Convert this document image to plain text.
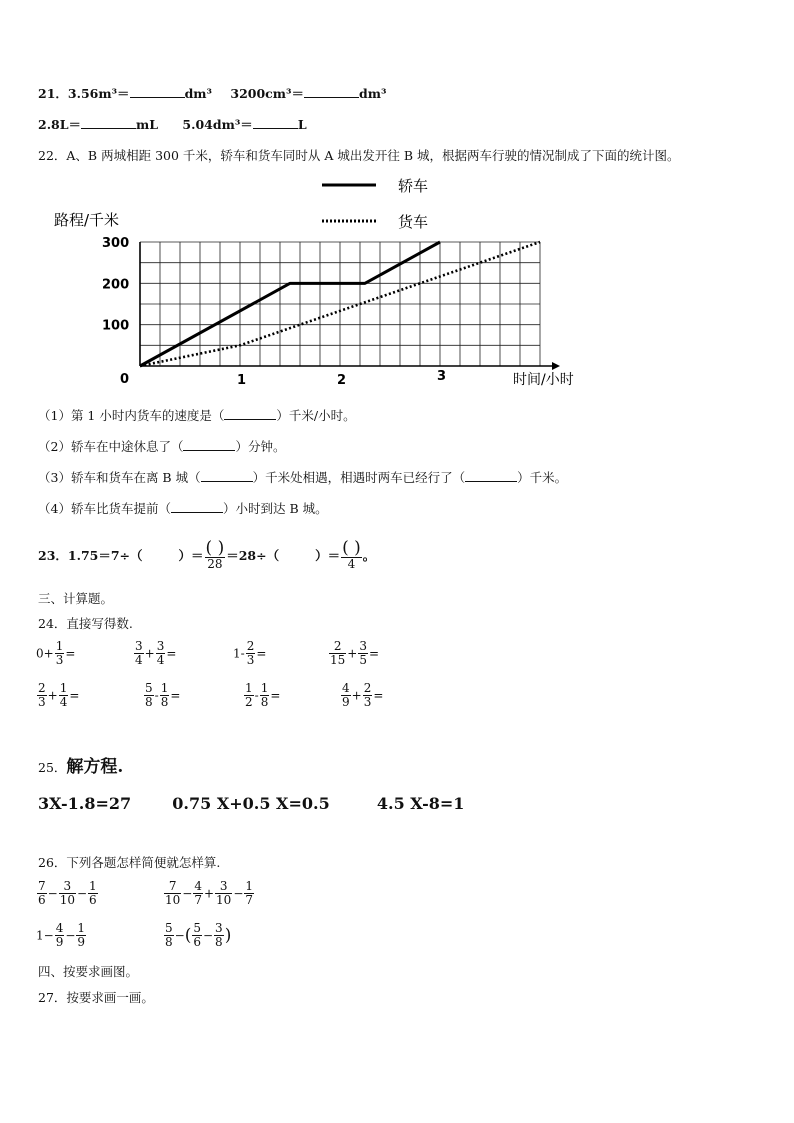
21．3.56m³＝	dm³ 3200cm³＝	dm³
2.8L＝	mL 5.04dm³＝	L
22．A、B 两城相距 300 千米，轿车和货车同时从 A 城出发开往 B 城，根据两车行驶的情况制成了下面的统计图。
0	1	2	3
100
200
300
路程/千米
时间/小时
轿车
货车
（1）第 1 小时内货车的速度是（	）千米/小时。
（2）轿车在中途休息了（	）分钟。
（3）轿车和货车在离 B 城（	）千米处相遇，相遇时两车已经行了（	）千米。
（4）轿车比货车提前（	）小时到达 B 城。
23． 1.75＝7÷（	）＝ $\frac{( )}{28} =28\div$（	）＝ $\frac{( )}{4}$ 。
三、计算题。
24．直接写得数.
$0+ \frac{1}{3}$ =	$\frac{3}{4} + \frac{3}{4}$ =	$1- \frac{2}{3}$ =	$\frac{2}{15} + \frac{3}{5}$ =
$\frac{2}{3} + \frac{1}{4}$ =	$\frac{5}{8} - \frac{1}{8}$ =	$\frac{1}{2} - \frac{1}{8}$ =	$\frac{4}{9} + \frac{2}{3}$ =
25．解方程.
3X-1.8=27	0.75 X+0.5 X=0.5	4.5 X-8=1
26．下列各题怎样简便就怎样算.
$\frac{7}{6} - \frac{3}{10} - \frac{1}{6}$	$\frac{7}{10} - \frac{4}{7} + \frac{3}{10} - \frac{1}{7}$
$1- \frac{4}{9} - \frac{1}{9}$	$\frac{5}{8}$ −( $\frac{5}{6} - \frac{3}{8}$ )
四、按要求画图。
27．按要求画一画。
